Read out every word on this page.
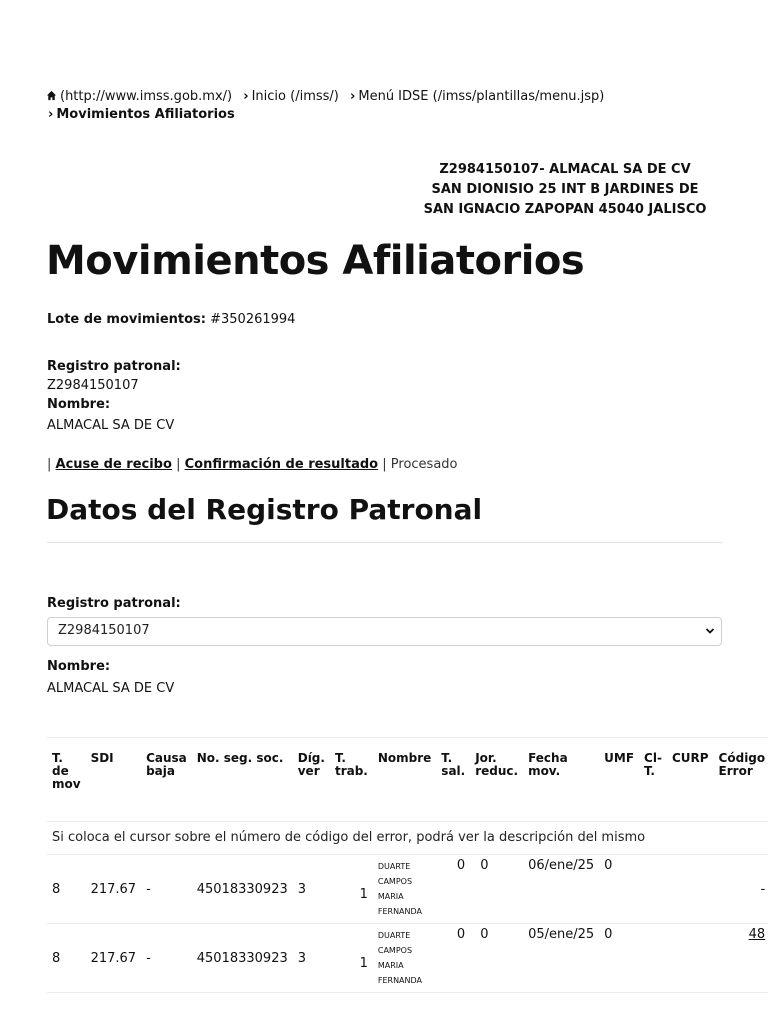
(http://www.imss.gob.mx/) › Inicio (/imss/) › Menú IDSE (/imss/plantillas/menu.jsp)
› Movimientos Afiliatorios
Z2984150107- ALMACAL SA DE CV
SAN DIONISIO 25 INT B JARDINES DE
SAN IGNACIO ZAPOPAN 45040 JALISCO
Movimientos Afiliatorios
Lote de movimientos: #350261994
Registro patronal:
Z2984150107
Nombre:
ALMACAL SA DE CV
| Acuse de recibo | Confirmación de resultado | Procesado
Datos del Registro Patronal
Registro patronal:
Z2984150107
Nombre:
ALMACAL SA DE CV
T. de mov	SDI	Causa baja	No. seg. soc.	Díg. ver	T. trab.	Nombre	T. sal.	Jor. reduc.	Fecha mov.	UMF	Cl- T.	CURP	Código Error
Si coloca el cursor sobre el número de código del error, podrá ver la descripción del mismo													
8	217.67	-	45018330923	3	1	DUARTE CAMPOS
MARIA FERNANDA	0	0	06/ene/25	0			-
8	217.67	-	45018330923	3	1	DUARTE CAMPOS
MARIA FERNANDA	0	0	05/ene/25	0			48
